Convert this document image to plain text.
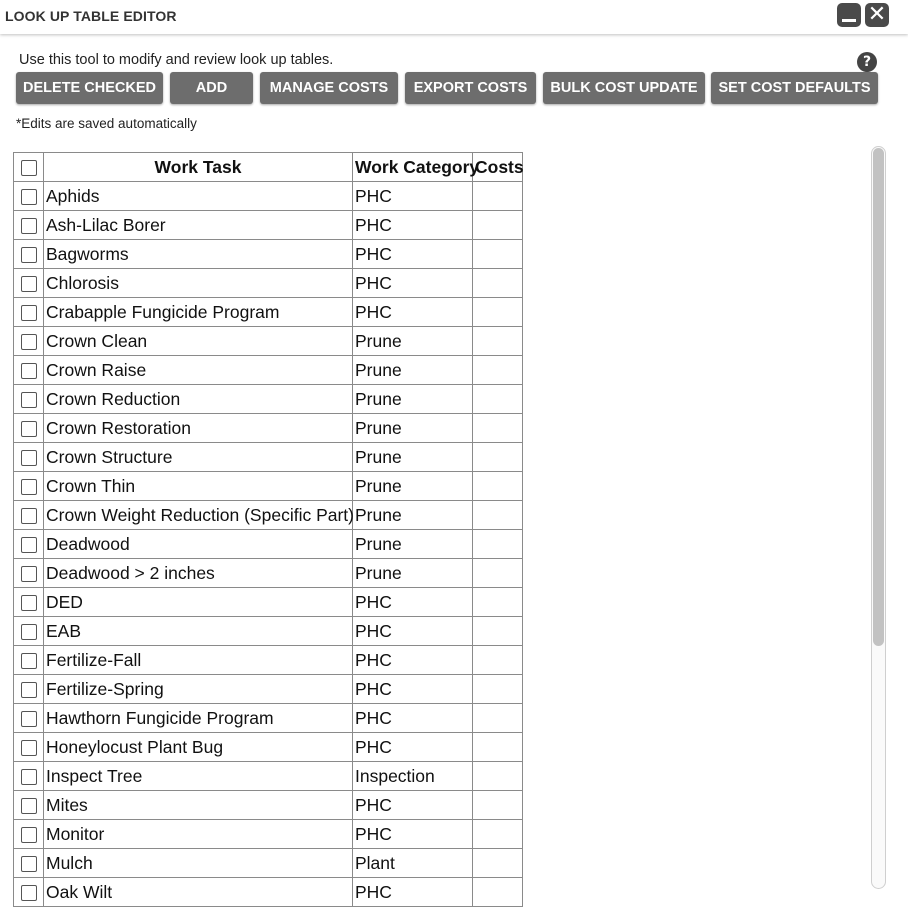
LOOK UP TABLE EDITOR	✕
Use this tool to modify and review look up tables.	?
DELETE CHECKED	ADD	MANAGE COSTS	EXPORT COSTS	BULK COST UPDATE	SET COST DEFAULTS
*Edits are saved automatically
	Work Task	Work Category	Costs
	Aphids	PHC	
	Ash-Lilac Borer	PHC	
	Bagworms	PHC	
	Chlorosis	PHC	
	Crabapple Fungicide Program	PHC	
	Crown Clean	Prune	
	Crown Raise	Prune	
	Crown Reduction	Prune	
	Crown Restoration	Prune	
	Crown Structure	Prune	
	Crown Thin	Prune	
	Crown Weight Reduction (Specific Part)	Prune	
	Deadwood	Prune	
	Deadwood > 2 inches	Prune	
	DED	PHC	
	EAB	PHC	
	Fertilize-Fall	PHC	
	Fertilize-Spring	PHC	
	Hawthorn Fungicide Program	PHC	
	Honeylocust Plant Bug	PHC	
	Inspect Tree	Inspection	
	Mites	PHC	
	Monitor	PHC	
	Mulch	Plant	
	Oak Wilt	PHC	
